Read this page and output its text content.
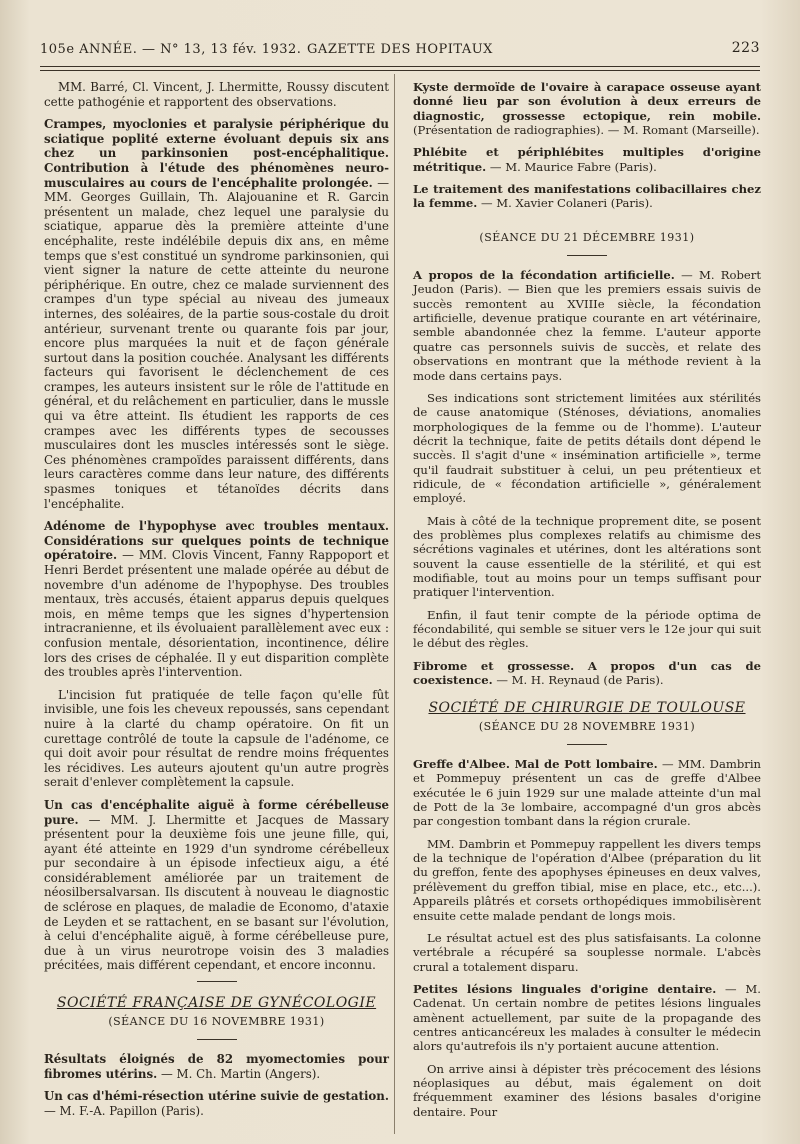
105e ANNÉE. — N° 13, 13 fév. 1932. GAZETTE DES HOPITAUX	223

MM. Barré, Cl. Vincent, J. Lhermitte, Roussy discutent cette pathogénie et rapportent des observations.

Crampes, myoclonies et paralysie périphérique du sciatique poplité externe évoluant depuis six ans chez un parkinsonien post-encéphalitique. Contribution à l'étude des phénomènes neuro-musculaires au cours de l'encéphalite prolongée. — MM. Georges Guillain, Th. Alajouanine et R. Garcin présentent un malade, chez lequel une paralysie du sciatique, apparue dès la première atteinte d'une encéphalite, reste indélébile depuis dix ans, en même temps que s'est constitué un syndrome parkinsonien, qui vient signer la nature de cette atteinte du neurone périphérique. En outre, chez ce malade surviennent des crampes d'un type spécial au niveau des jumeaux internes, des soléaires, de la partie sous-costale du droit antérieur, survenant trente ou quarante fois par jour, encore plus marquées la nuit et de façon générale surtout dans la position couchée. Analysant les différents facteurs qui favorisent le déclenchement de ces crampes, les auteurs insistent sur le rôle de l'attitude en général, et du relâchement en particulier, dans le mussle qui va être atteint. Ils étudient les rapports de ces crampes avec les différents types de secousses musculaires dont les muscles intéressés sont le siège. Ces phénomènes crampoïdes paraissent différents, dans leurs caractères comme dans leur nature, des différents spasmes toniques et tétanoïdes décrits dans l'encéphalite.

Adénome de l'hypophyse avec troubles mentaux. Considérations sur quelques points de technique opératoire. — MM. Clovis Vincent, Fanny Rappoport et Henri Berdet présentent une malade opérée au début de novembre d'un adénome de l'hypophyse. Des troubles mentaux, très accusés, étaient apparus depuis quelques mois, en même temps que les signes d'hypertension intracranienne, et ils évoluaient parallèlement avec eux : confusion mentale, désorientation, incontinence, délire lors des crises de céphalée. Il y eut disparition complète des troubles après l'intervention.

L'incision fut pratiquée de telle façon qu'elle fût invisible, une fois les cheveux repoussés, sans cependant nuire à la clarté du champ opératoire. On fit un curettage contrôlé de toute la capsule de l'adénome, ce qui doit avoir pour résultat de rendre moins fréquentes les récidives. Les auteurs ajoutent qu'un autre progrès serait d'enlever complètement la capsule.

Un cas d'encéphalite aiguë à forme cérébelleuse pure. — MM. J. Lhermitte et Jacques de Massary présentent pour la deuxième fois une jeune fille, qui, ayant été atteinte en 1929 d'un syndrome cérébelleux pur secondaire à un épisode infectieux aigu, a été considérablement améliorée par un traitement de néosilbersalvarsan. Ils discutent à nouveau le diagnostic de sclérose en plaques, de maladie de Economo, d'ataxie de Leyden et se rattachent, en se basant sur l'évolution, à celui d'encéphalite aiguë, à forme cérébelleuse pure, due à un virus neurotrope voisin des 3 maladies précitées, mais différent cependant, et encore inconnu.

SOCIÉTÉ FRANÇAISE DE GYNÉCOLOGIE

(SÉANCE DU 16 NOVEMBRE 1931)

Résultats éloignés de 82 myomectomies pour fibromes utérins. — M. Ch. Martin (Angers).

Un cas d'hémi-résection utérine suivie de gestation. — M. F.-A. Papillon (Paris).

Kyste dermoïde de l'ovaire à carapace osseuse ayant donné lieu par son évolution à deux erreurs de diagnostic, grossesse ectopique, rein mobile. (Présentation de radiographies). — M. Romant (Marseille).

Phlébite et périphlébites multiples d'origine métritique. — M. Maurice Fabre (Paris).

Le traitement des manifestations colibacillaires chez la femme. — M. Xavier Colaneri (Paris).

(SÉANCE DU 21 DÉCEMBRE 1931)

A propos de la fécondation artificielle. — M. Robert Jeudon (Paris). — Bien que les premiers essais suivis de succès remontent au XVIIIe siècle, la fécondation artificielle, devenue pratique courante en art vétérinaire, semble abandonnée chez la femme. L'auteur apporte quatre cas personnels suivis de succès, et relate des observations en montrant que la méthode revient à la mode dans certains pays.

Ses indications sont strictement limitées aux stérilités de cause anatomique (Sténoses, déviations, anomalies morphologiques de la femme ou de l'homme). L'auteur décrit la technique, faite de petits détails dont dépend le succès. Il s'agit d'une « insémination artificielle », terme qu'il faudrait substituer à celui, un peu prétentieux et ridicule, de « fécondation artificielle », généralement employé.

Mais à côté de la technique proprement dite, se posent des problèmes plus complexes relatifs au chimisme des sécrétions vaginales et utérines, dont les altérations sont souvent la cause essentielle de la stérilité, et qui est modifiable, tout au moins pour un temps suffisant pour pratiquer l'intervention.

Enfin, il faut tenir compte de la période optima de fécondabilité, qui semble se situer vers le 12e jour qui suit le début des règles.

Fibrome et grossesse. A propos d'un cas de coexistence. — M. H. Reynaud (de Paris).

SOCIÉTÉ DE CHIRURGIE DE TOULOUSE

(SÉANCE DU 28 NOVEMBRE 1931)

Greffe d'Albee. Mal de Pott lombaire. — MM. Dambrin et Pommepuy présentent un cas de greffe d'Albee exécutée le 6 juin 1929 sur une malade atteinte d'un mal de Pott de la 3e lombaire, accompagné d'un gros abcès par congestion tombant dans la région crurale.

MM. Dambrin et Pommepuy rappellent les divers temps de la technique de l'opération d'Albee (préparation du lit du greffon, fente des apophyses épineuses en deux valves, prélèvement du greffon tibial, mise en place, etc., etc...). Appareils plâtrés et corsets orthopédiques immobilisèrent ensuite cette malade pendant de longs mois.

Le résultat actuel est des plus satisfaisants. La colonne vertébrale a récupéré sa souplesse normale. L'abcès crural a totalement disparu.

Petites lésions linguales d'origine dentaire. — M. Cadenat. Un certain nombre de petites lésions linguales amènent actuellement, par suite de la propagande des centres anticancéreux les malades à consulter le médecin alors qu'autrefois ils n'y portaient aucune attention.

On arrive ainsi à dépister très précocement des lésions néoplasiques au début, mais également on doit fréquemment examiner des lésions basales d'origine dentaire. Pour
